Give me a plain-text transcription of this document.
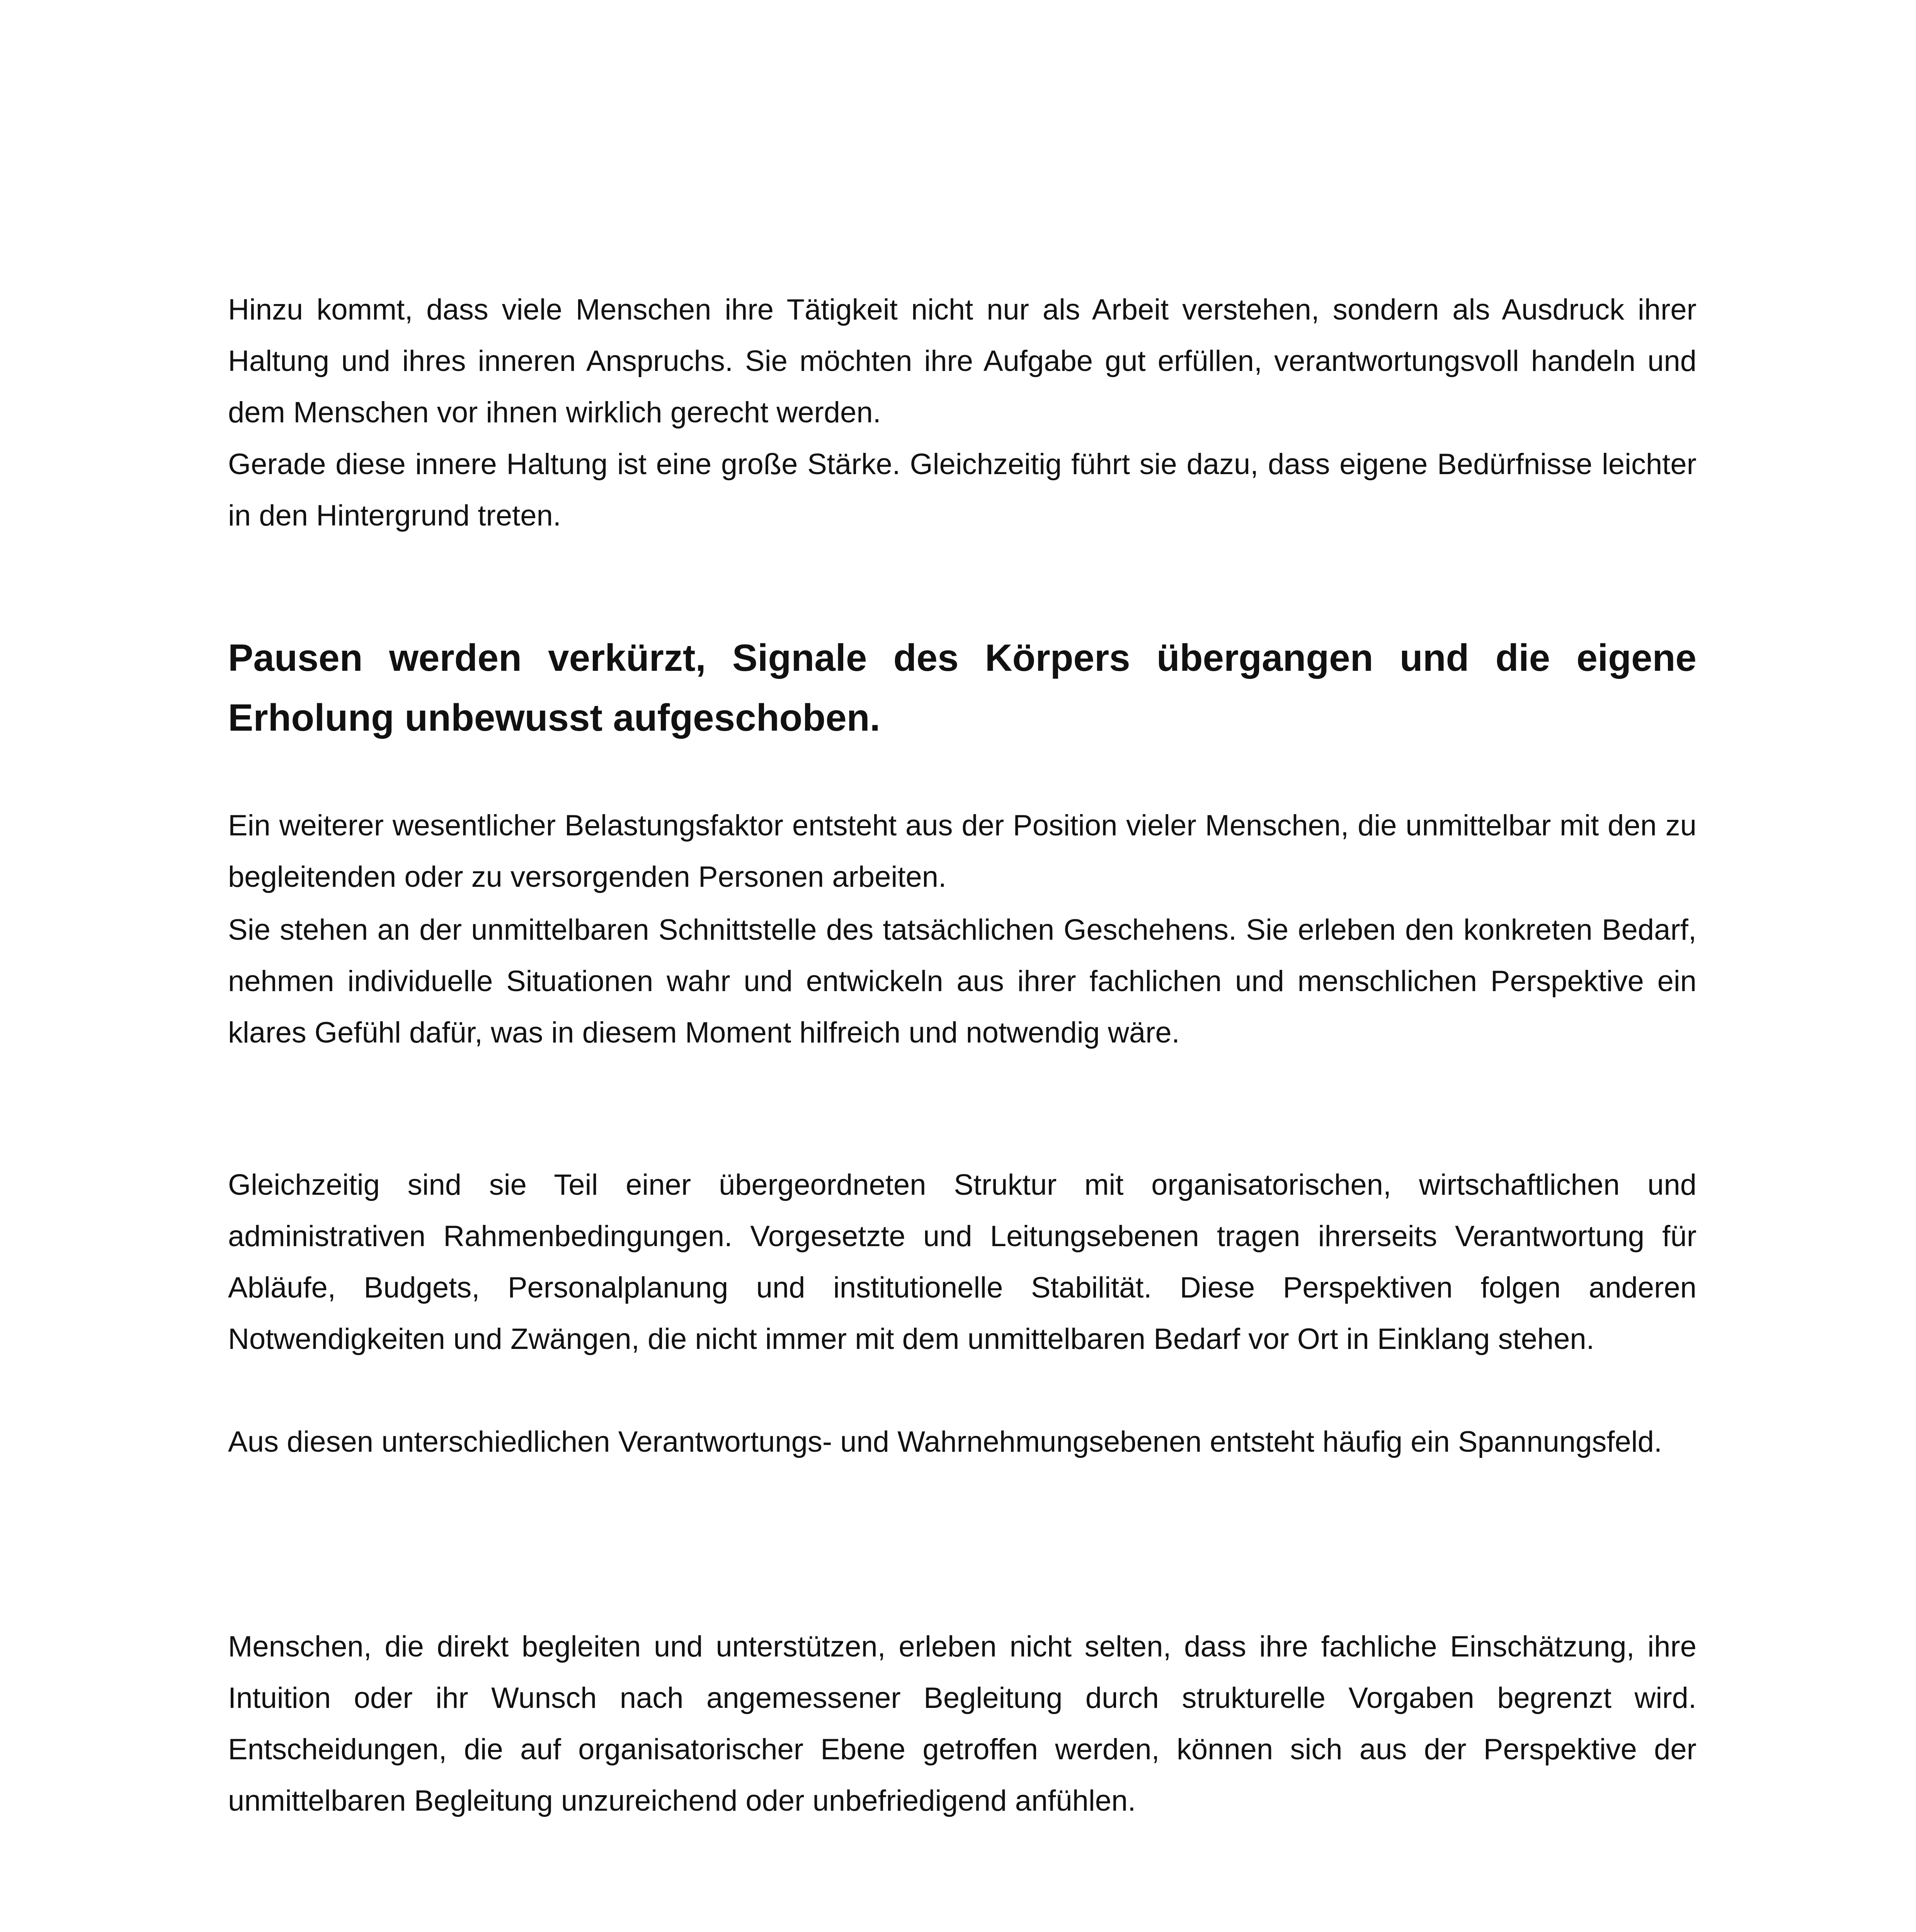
Hinzu kommt, dass viele Menschen ihre Tätigkeit nicht nur als Arbeit verstehen, sondern als Ausdruck ihrer Haltung und ihres inneren Anspruchs. Sie möchten ihre Aufgabe gut erfüllen, verantwortungsvoll handeln und dem Menschen vor ihnen wirklich gerecht werden.

Gerade diese innere Haltung ist eine große Stärke. Gleichzeitig führt sie dazu, dass eigene Bedürfnisse leichter in den Hintergrund treten.

Pausen werden verkürzt, Signale des Körpers übergangen und die eigene Erholung unbewusst aufgeschoben.

Ein weiterer wesentlicher Belastungsfaktor entsteht aus der Position vieler Menschen, die unmittelbar mit den zu begleitenden oder zu versorgenden Personen arbeiten.

Sie stehen an der unmittelbaren Schnittstelle des tatsächlichen Geschehens. Sie erleben den konkreten Bedarf, nehmen individuelle Situationen wahr und entwickeln aus ihrer fachlichen und menschlichen Perspektive ein klares Gefühl dafür, was in diesem Moment hilfreich und notwendig wäre.

Gleichzeitig sind sie Teil einer übergeordneten Struktur mit organisatorischen, wirtschaftlichen und administrativen Rahmenbedingungen. Vorgesetzte und Leitungsebenen tragen ihrerseits Verantwortung für Abläufe, Budgets, Personalplanung und institutionelle Stabilität. Diese Perspektiven folgen anderen Notwendigkeiten und Zwängen, die nicht immer mit dem unmittelbaren Bedarf vor Ort in Einklang stehen.

Aus diesen unterschiedlichen Verantwortungs- und Wahrnehmungsebenen entsteht häufig ein Spannungsfeld.

Menschen, die direkt begleiten und unterstützen, erleben nicht selten, dass ihre fachliche Einschätzung, ihre Intuition oder ihr Wunsch nach angemessener Begleitung durch strukturelle Vorgaben begrenzt wird. Entscheidungen, die auf organisatorischer Ebene getroffen werden, können sich aus der Perspektive der unmittelbaren Begleitung unzureichend oder unbefriedigend anfühlen.
